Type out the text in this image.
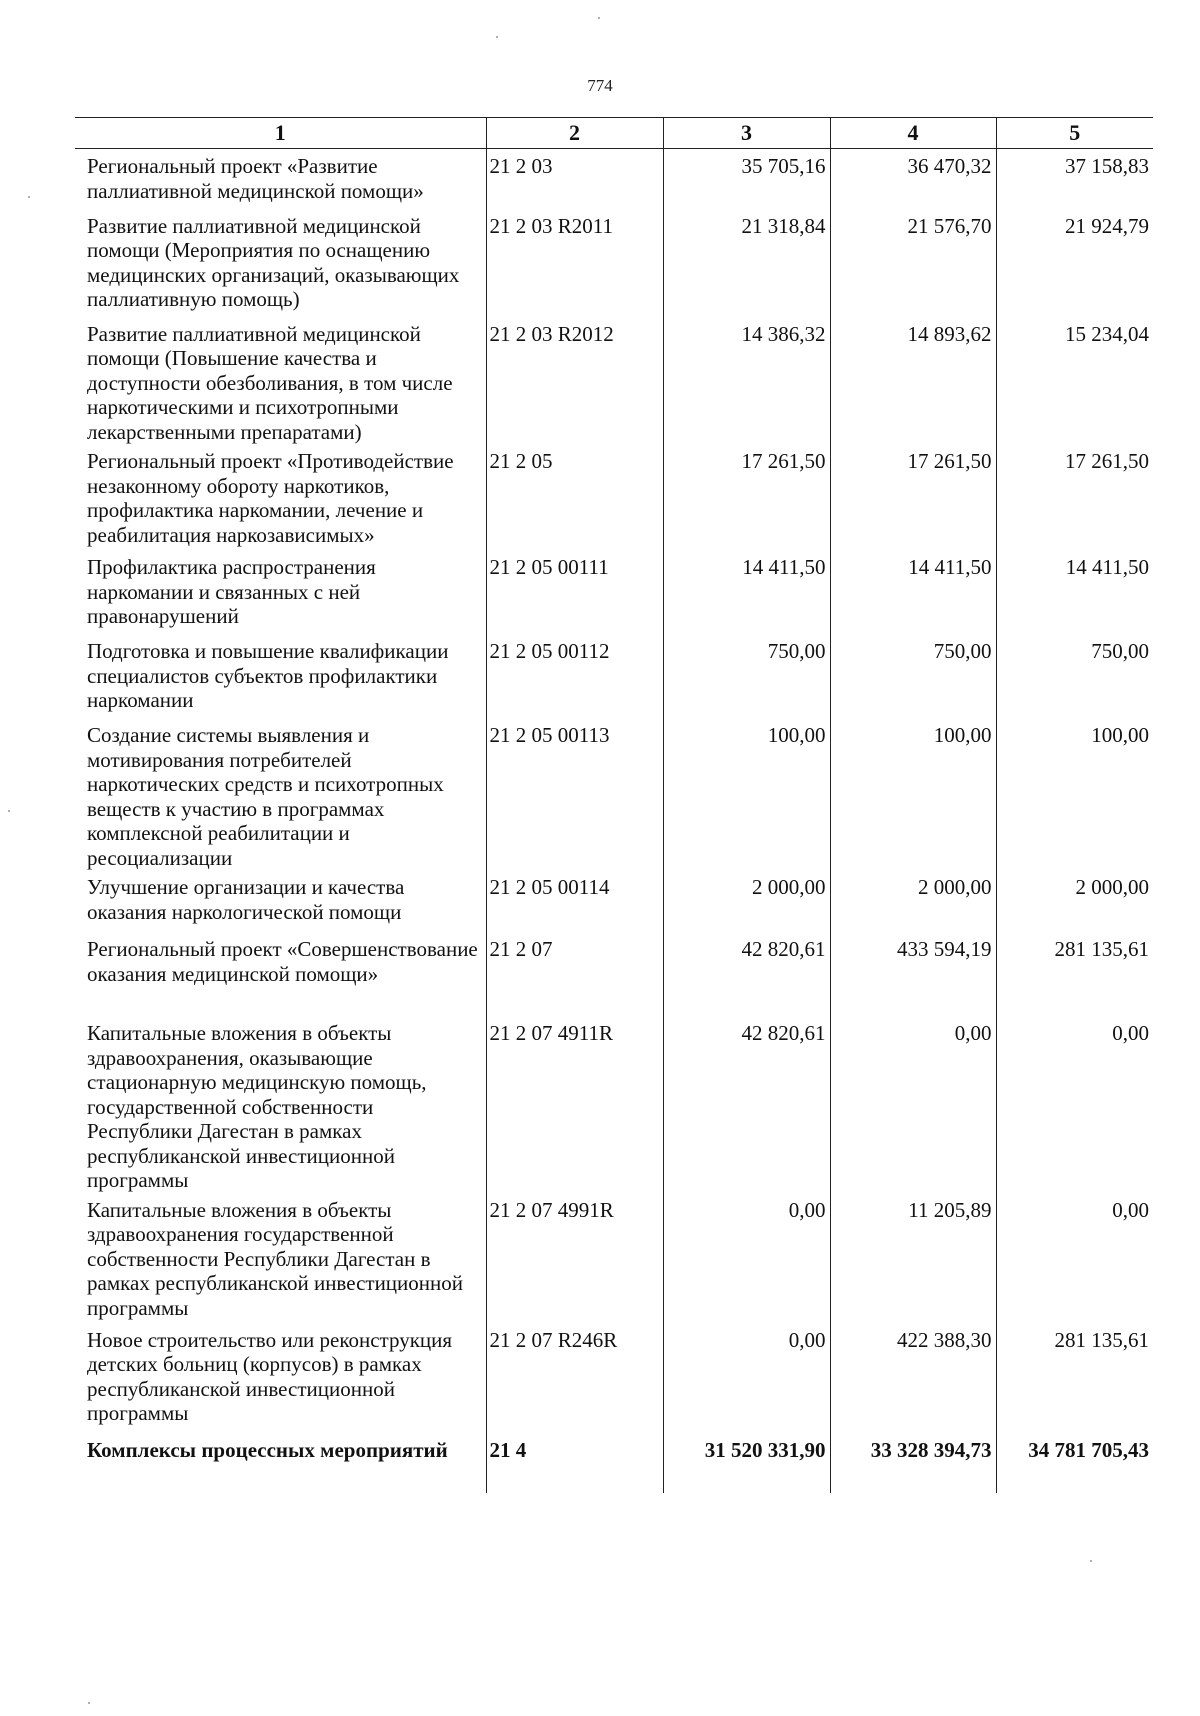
774
1	2	3	4	5
Региональный проект «Развитие паллиативной медицинской помощи»	21 2 03	35 705,16	36 470,32	37 158,83
Развитие паллиативной медицинской помощи (Мероприятия по оснащению медицинских организаций, оказывающих паллиативную помощь)	21 2 03 R2011	21 318,84	21 576,70	21 924,79
Развитие паллиативной медицинской помощи (Повышение качества и доступности обезболивания, в том числе наркотическими и психотропными лекарственными препаратами)	21 2 03 R2012	14 386,32	14 893,62	15 234,04
Региональный проект «Противодействие незаконному обороту наркотиков, профилактика наркомании, лечение и реабилитация наркозависимых»	21 2 05	17 261,50	17 261,50	17 261,50
Профилактика распространения наркомании и связанных с ней правонарушений	21 2 05 00111	14 411,50	14 411,50	14 411,50
Подготовка и повышение квалификации специалистов субъектов профилактики наркомании	21 2 05 00112	750,00	750,00	750,00
Создание системы выявления и мотивирования потребителей наркотических средств и психотропных веществ к участию в программах комплексной реабилитации и ресоциализации	21 2 05 00113	100,00	100,00	100,00
Улучшение организации и качества оказания наркологической помощи	21 2 05 00114	2 000,00	2 000,00	2 000,00
Региональный проект «Совершенствование оказания медицинской помощи»	21 2 07	42 820,61	433 594,19	281 135,61
Капитальные вложения в объекты здравоохранения, оказывающие стационарную медицинскую помощь, государственной собственности Республики Дагестан в рамках республиканской инвестиционной программы	21 2 07 4911R	42 820,61	0,00	0,00
Капитальные вложения в объекты здравоохранения государственной собственности Республики Дагестан в рамках республиканской инвестиционной программы	21 2 07 4991R	0,00	11 205,89	0,00
Новое строительство или реконструкция детских больниц (корпусов) в рамках республиканской инвестиционной программы	21 2 07 R246R	0,00	422 388,30	281 135,61
Комплексы процессных мероприятий	21 4	31 520 331,90	33 328 394,73	34 781 705,43
